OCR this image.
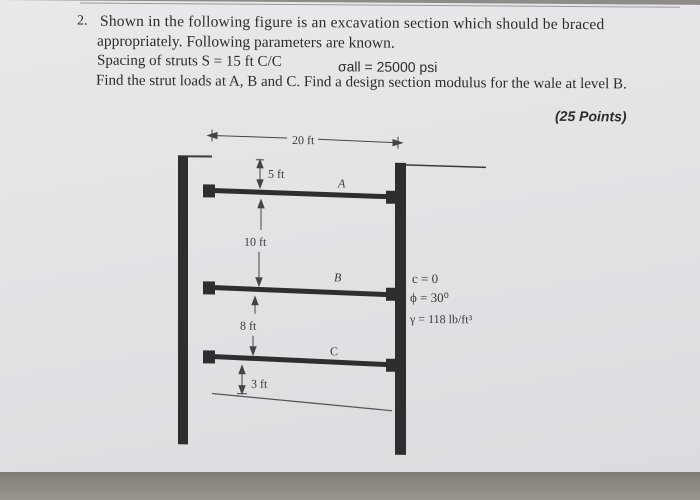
2. Shown in the following figure is an excavation section which should be braced
appropriately. Following parameters are known.
Spacing of struts S = 15 ft C/C	σall = 25000 psi
Find the strut loads at A, B and C. Find a design section modulus for the wale at level B.
(25 Points)
20 ft
5 ft
10 ft
8 ft
3 ft
A
B
C
c = 0
ϕ = 30⁰
γ = 118 lb/ft³
